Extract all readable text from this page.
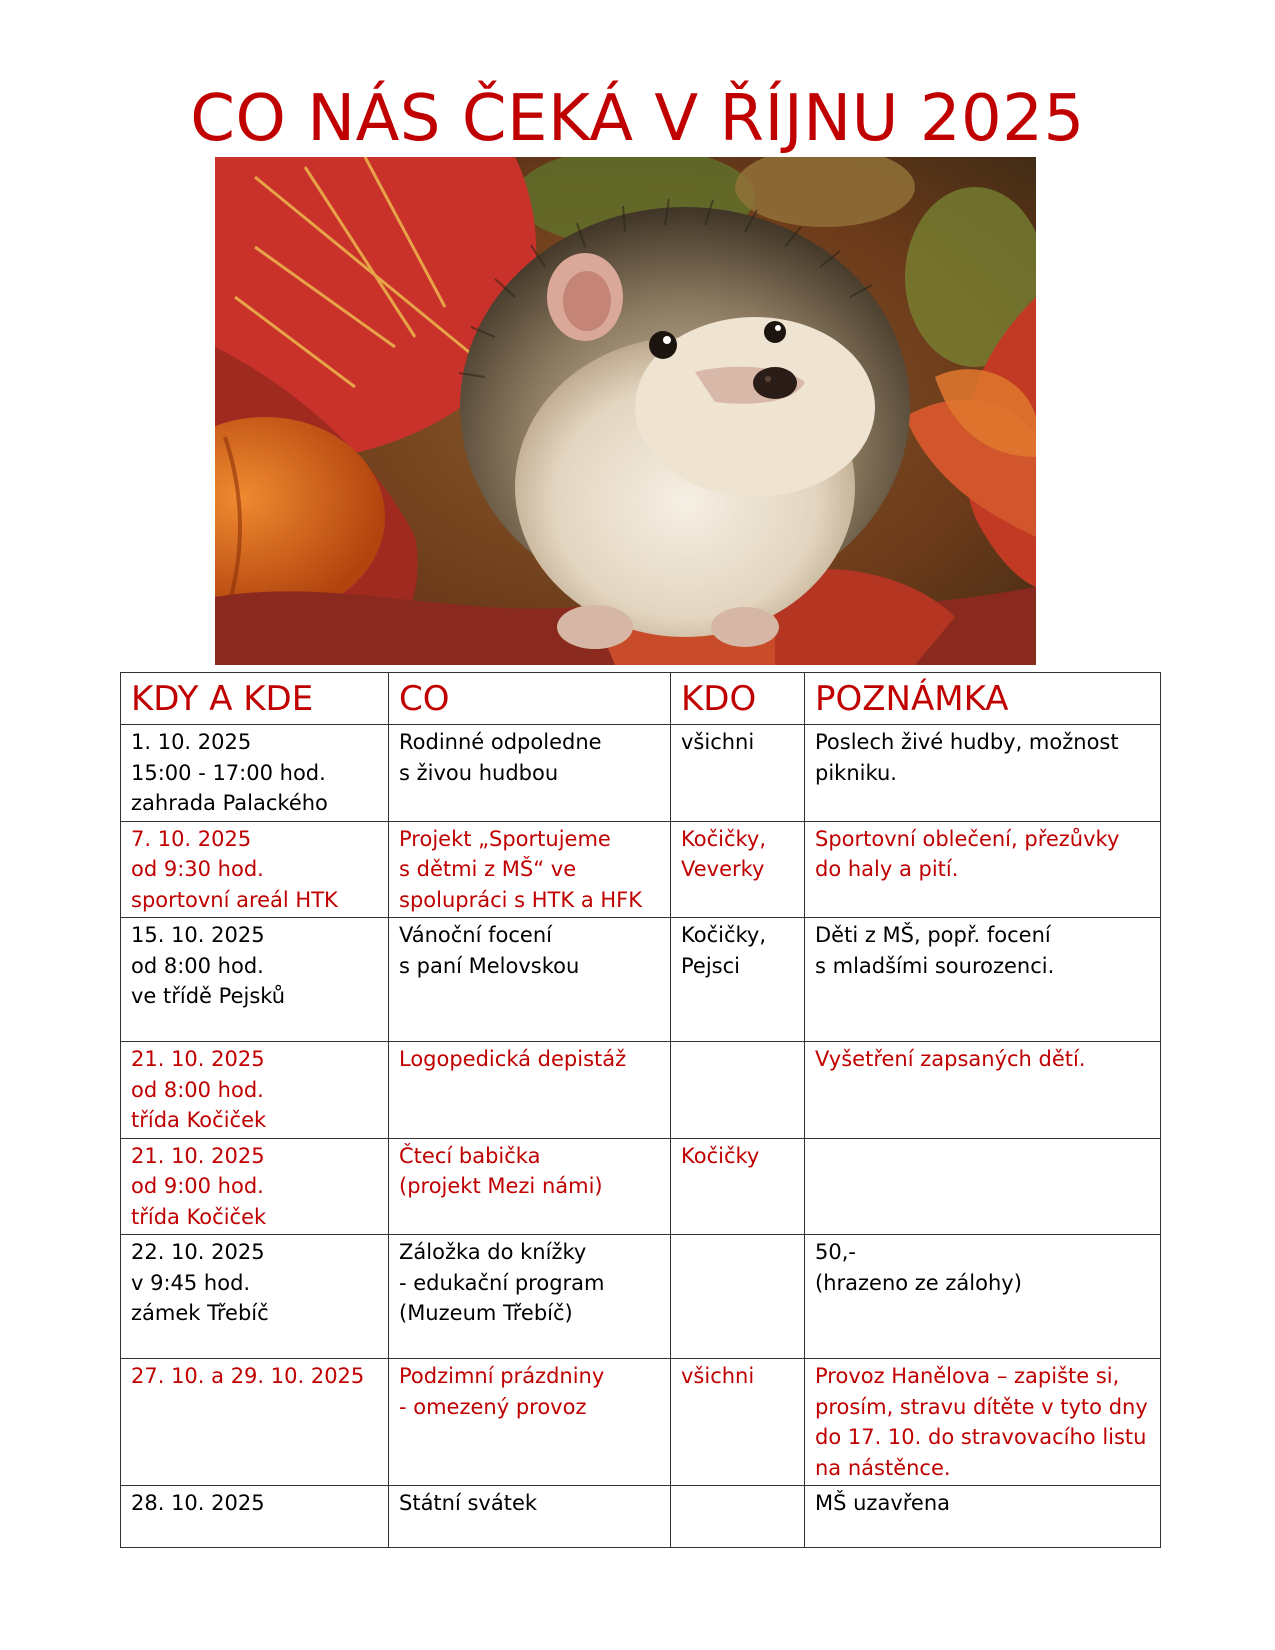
CO NÁS ČEKÁ V ŘÍJNU 2025
KDY A KDE	CO	KDO	POZNÁMKA

1. 10. 2025
15:00 - 17:00 hod.
zahrada Palackého	Rodinné odpoledne
s živou hudbou	všichni	Poslech živé hudby, možnost
pikniku.

7. 10. 2025
od 9:30 hod.
sportovní areál HTK	Projekt „Sportujeme
s dětmi z MŠ“ ve
spolupráci s HTK a HFK	Kočičky,
Veverky	Sportovní oblečení, přezůvky
do haly a pití.

15. 10. 2025
od 8:00 hod.
ve třídě Pejsků	Vánoční focení
s paní Melovskou	Kočičky,
Pejsci	Děti z MŠ, popř. focení
s mladšími sourozenci.

21. 10. 2025
od 8:00 hod.
třída Kočiček	Logopedická depistáž		Vyšetření zapsaných dětí.

21. 10. 2025
od 9:00 hod.
třída Kočiček	Čtecí babička
(projekt Mezi námi)	Kočičky	

22. 10. 2025
v 9:45 hod.
zámek Třebíč	Záložka do knížky
- edukační program
(Muzeum Třebíč)		50,-
(hrazeno ze zálohy)

27. 10. a 29. 10. 2025	Podzimní prázdniny
- omezený provoz	všichni	Provoz Hanělova – zapište si,
prosím, stravu dítěte v tyto dny
do 17. 10. do stravovacího listu
na nástěnce.

28. 10. 2025	Státní svátek		MŠ uzavřena
